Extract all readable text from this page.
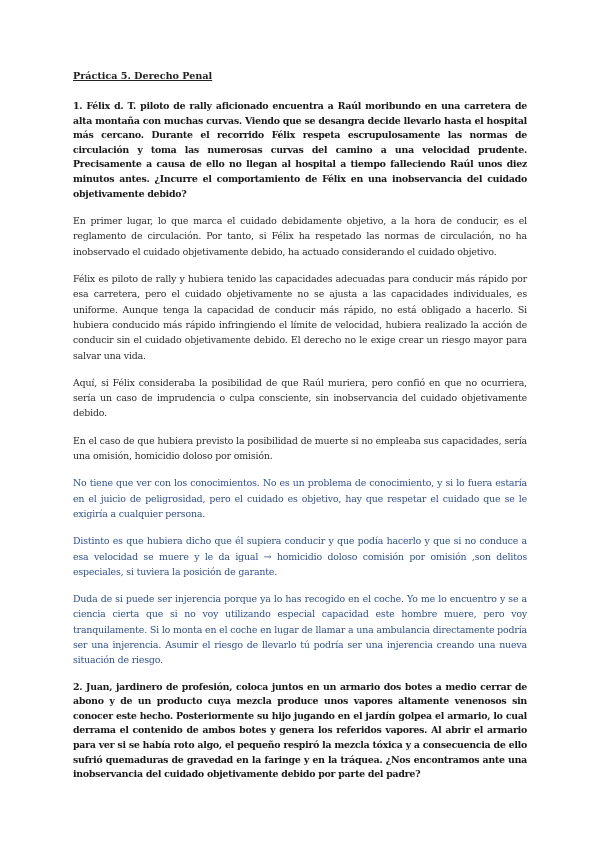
Práctica 5. Derecho Penal

1. Félix d. T. piloto de rally aficionado encuentra a Raúl moribundo en una carretera de alta montaña con muchas curvas. Viendo que se desangra decide llevarlo hasta el hospital más cercano. Durante el recorrido Félix respeta escrupulosamente las normas de circulación y toma las numerosas curvas del camino a una velocidad prudente. Precisamente a causa de ello no llegan al hospital a tiempo falleciendo Raúl unos diez minutos antes. ¿Incurre el comportamiento de Félix en una inobservancia del cuidado objetivamente debido?

En primer lugar, lo que marca el cuidado debidamente objetivo, a la hora de conducir, es el reglamento de circulación. Por tanto, si Félix ha respetado las normas de circulación, no ha inobservado el cuidado objetivamente debido, ha actuado considerando el cuidado objetivo.

Félix es piloto de rally y hubiera tenido las capacidades adecuadas para conducir más rápido por esa carretera, pero el cuidado objetivamente no se ajusta a las capacidades individuales, es uniforme. Aunque tenga la capacidad de conducir más rápido, no está obligado a hacerlo. Si hubiera conducido más rápido infringiendo el límite de velocidad, hubiera realizado la acción de conducir sin el cuidado objetivamente debido. El derecho no le exige crear un riesgo mayor para salvar una vida.

Aquí, si Félix consideraba la posibilidad de que Raúl muriera, pero confió en que no ocurriera, sería un caso de imprudencia o culpa consciente, sin inobservancia del cuidado objetivamente debido.

En el caso de que hubiera previsto la posibilidad de muerte si no empleaba sus capacidades, sería una omisión, homicidio doloso por omisión.

No tiene que ver con los conocimientos. No es un problema de conocimiento, y si lo fuera estaría en el juicio de peligrosidad, pero el cuidado es objetivo, hay que respetar el cuidado que se le exigiría a cualquier persona.

Distinto es que hubiera dicho que él supiera conducir y que podía hacerlo y que si no conduce a esa velocidad se muere y le da igual → homicidio doloso comisión por omisión ,son delitos especiales, si tuviera la posición de garante.

Duda de si puede ser injerencia porque ya lo has recogido en el coche. Yo me lo encuentro y se a ciencia cierta que si no voy utilizando especial capacidad este hombre muere, pero voy tranquilamente. Si lo monta en el coche en lugar de llamar a una ambulancia directamente podría ser una injerencia. Asumir el riesgo de llevarlo tú podría ser una injerencia creando una nueva situación de riesgo.

2. Juan, jardinero de profesión, coloca juntos en un armario dos botes a medio cerrar de abono y de un producto cuya mezcla produce unos vapores altamente venenosos sin conocer este hecho. Posteriormente su hijo jugando en el jardín golpea el armario, lo cual derrama el contenido de ambos botes y genera los referidos vapores. Al abrir el armario para ver si se había roto algo, el pequeño respiró la mezcla tóxica y a consecuencia de ello sufrió quemaduras de gravedad en la faringe y en la tráquea. ¿Nos encontramos ante una inobservancia del cuidado objetivamente debido por parte del padre?
